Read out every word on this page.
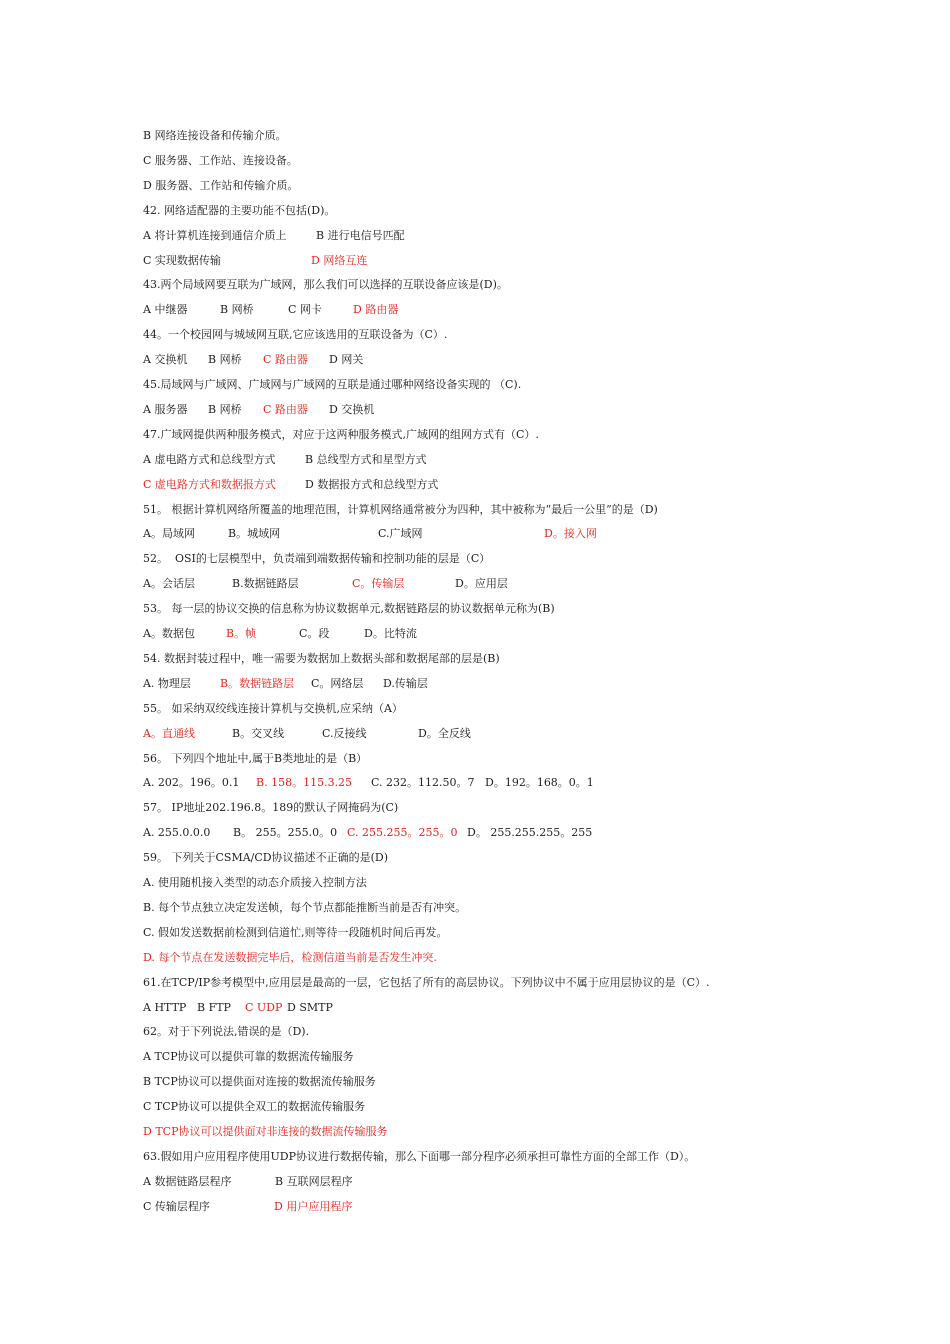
B 网络连接设备和传输介质。
C 服务器、工作站、连接设备。
D 服务器、工作站和传输介质。
42. 网络适配器的主要功能不包括(D)。
A 将计算机连接到通信介质上	B 进行电信号匹配
C 实现数据传输	D 网络互连
43.两个局域网要互联为广域网，那么我们可以选择的互联设备应该是(D)。
A 中继器	B 网桥	C 网卡	D 路由器
44。一个校园网与城域网互联,它应该选用的互联设备为（C）.
A 交换机 B 网桥 C 路由器 D 网关
45.局域网与广域网、广域网与广域网的互联是通过哪种网络设备实现的 （C).
A 服务器 B 网桥 C 路由器 D 交换机
47.广域网提供两种服务模式，对应于这两种服务模式,广域网的组网方式有（C）.
A 虚电路方式和总线型方式	B 总线型方式和星型方式
C 虚电路方式和数据报方式	D 数据报方式和总线型方式
51。 根据计算机网络所覆盖的地理范围，计算机网络通常被分为四种，其中被称为“最后一公里”的是（D)
A。局域网	B。城域网	C.广域网	D。接入网
52。  OSI的七层模型中，负责端到端数据传输和控制功能的层是（C）
A。会话层	B.数据链路层	C。传输层	D。应用层
53。 每一层的协议交换的信息称为协议数据单元,数据链路层的协议数据单元称为(B)
A。数据包	B。帧	C。段	D。比特流
54. 数据封装过程中，唯一需要为数据加上数据头部和数据尾部的层是(B)
A. 物理层	B。数据链路层 C。网络层 D.传输层
55。 如采纳双绞线连接计算机与交换机,应采纳（A）
A。直通线	B。交叉线	C.反接线	D。全反线
56。 下列四个地址中,属于B类地址的是（B）
A. 202。196。0.1 B. 158。115.3.25 C. 232。112.50。7 D。192。168。0。1
57。 IP地址202.196.8。189的默认子网掩码为(C)
A. 255.0.0.0 B。 255。255.0。0 C. 255.255。255。0 D。 255.255.255。255
59。 下列关于CSMA/CD协议描述不正确的是(D)
A. 使用随机接入类型的动态介质接入控制方法
B. 每个节点独立决定发送帧，每个节点都能推断当前是否有冲突。
C. 假如发送数据前检测到信道忙,则等待一段随机时间后再发。
D. 每个节点在发送数据完毕后，检测信道当前是否发生冲突.
61.在TCP/IP参考模型中,应用层是最高的一层，它包括了所有的高层协议。下列协议中不属于应用层协议的是（C）.
A HTTP B FTP C UDP D SMTP
62。对于下列说法,错误的是（D).
A TCP协议可以提供可靠的数据流传输服务
B TCP协议可以提供面对连接的数据流传输服务
C TCP协议可以提供全双工的数据流传输服务
D TCP协议可以提供面对非连接的数据流传输服务
63.假如用户应用程序使用UDP协议进行数据传输，那么下面哪一部分程序必须承担可靠性方面的全部工作（D）。
A 数据链路层程序	B 互联网层程序
C 传输层程序	D 用户应用程序
